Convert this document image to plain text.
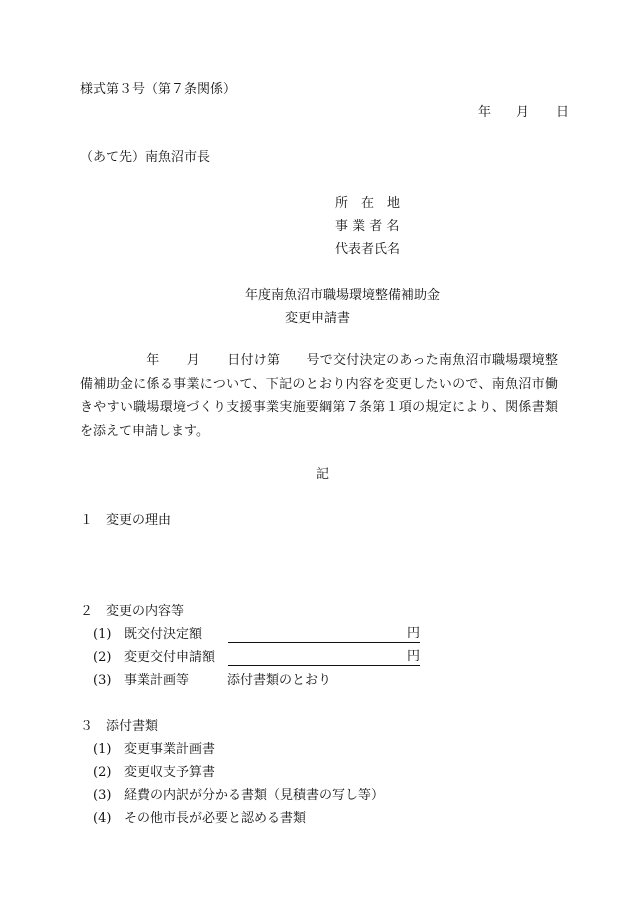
様式第３号（第７条関係）
年 月 日
（あて先）南魚沼市長
所　在　地
事 業 者 名
代表者氏名
年度南魚沼市職場環境整備補助金
変更申請書
年 月 日付け第 号で交付決定のあった南魚沼市職場環境整備補助金に係る事業について、下記のとおり内容を変更したいので、南魚沼市働きやすい職場環境づくり支援事業実施要綱第７条第１項の規定により、関係書類を添えて申請します。
記
１　変更の理由
２　変更の内容等
(1) 既交付決定額	円
(2) 変更交付申請額	円
(3) 事業計画等	添付書類のとおり
３　添付書類
(1) 変更事業計画書
(2) 変更収支予算書
(3) 経費の内訳が分かる書類（見積書の写し等）
(4) その他市長が必要と認める書類
